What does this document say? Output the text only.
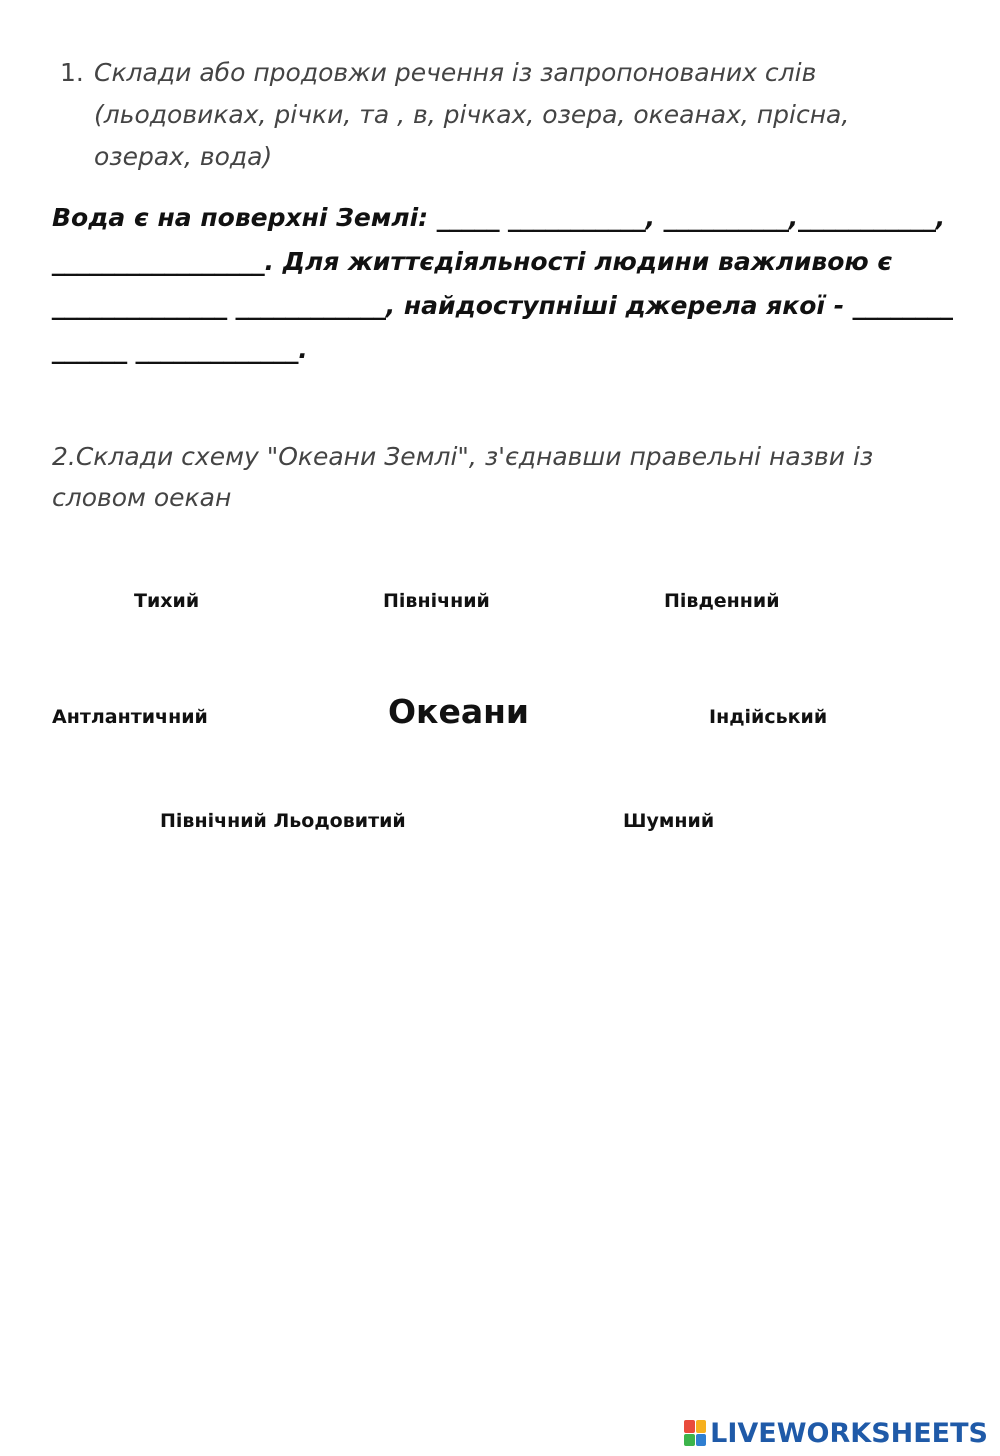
1. Склади або продовжи речення із запропонованих слів
(льодовиках, річки, та , в, річках, озера, океанах, прісна,
озерах, вода)
Вода є на поверхні Землі: _____ ___________, __________,___________,
_________________. Для життєдіяльності людини важливою є
______________ ____________, найдоступніші джерела якої - ________
______ _____________.
2.Склади схему "Океани Землі", з'єднавши правельні назви із
словом оекан
Тихий	Північний	Південний
Антлантичний	Океани	Індійський
Північний Льодовитий	Шумний
LIVEWORKSHEETS
